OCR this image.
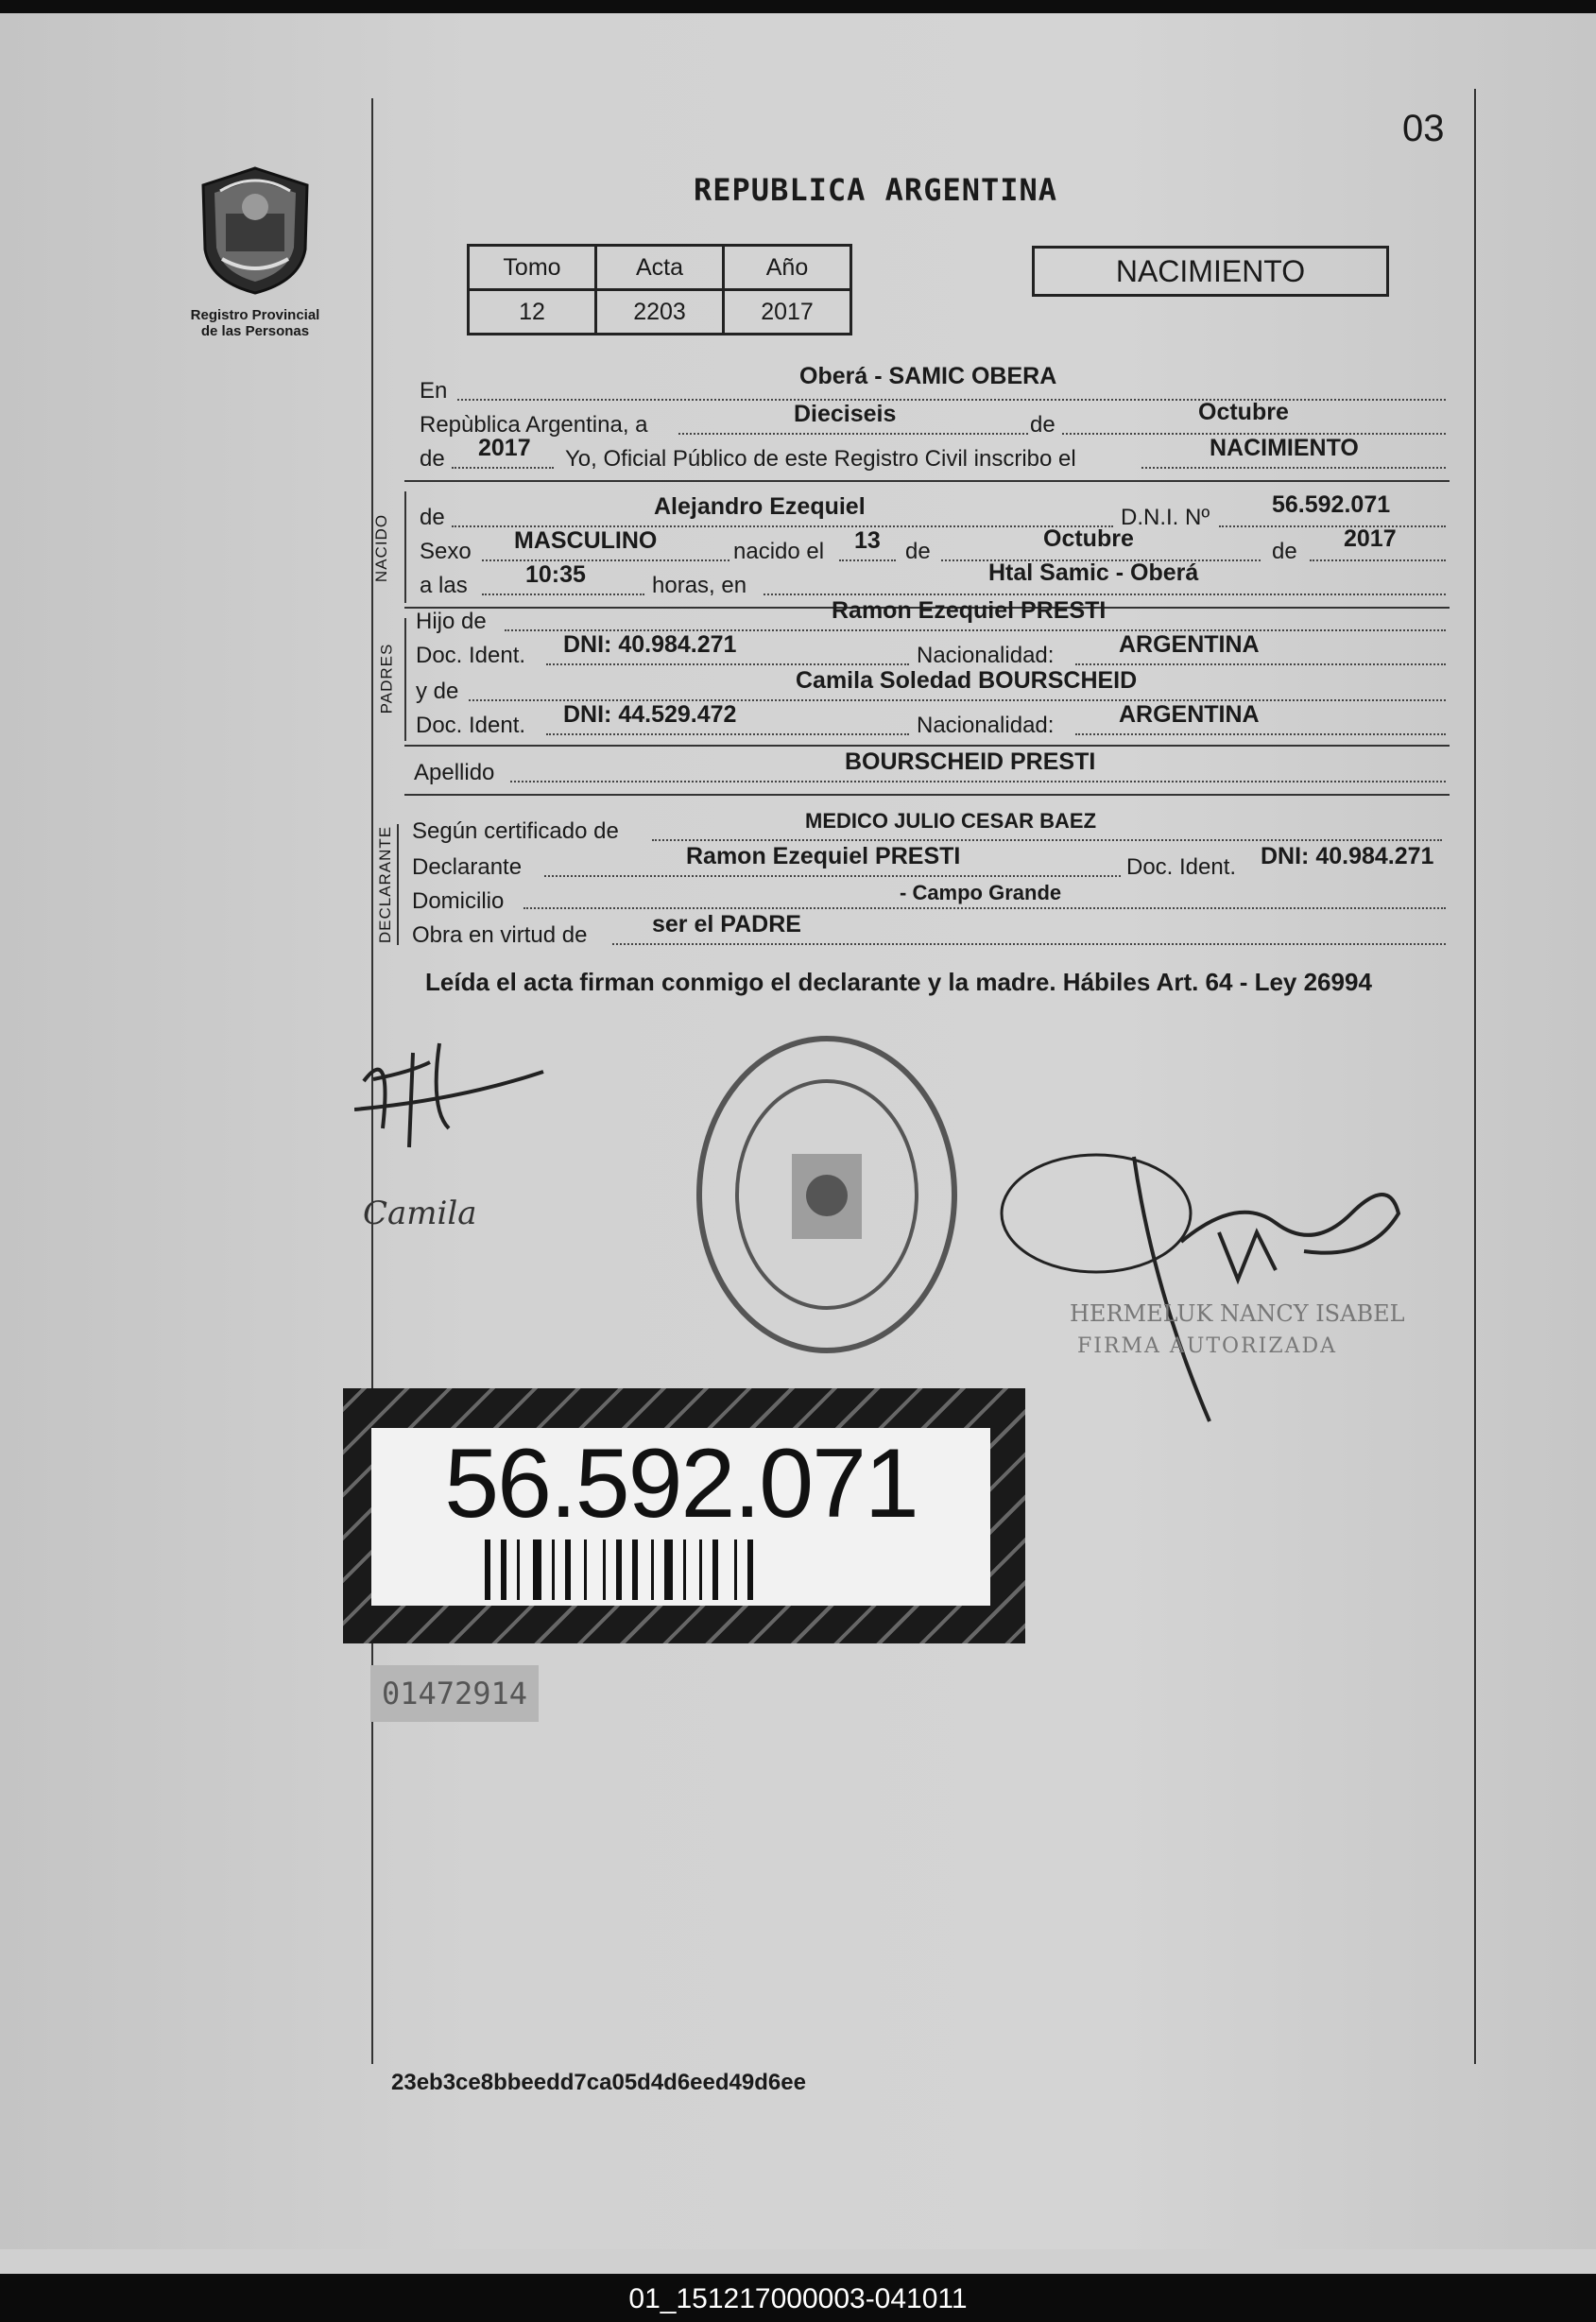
03
Registro Provincial
de las Personas
REPUBLICA ARGENTINA
Tomo	Acta	Año
12	2203	2017
NACIMIENTO
En
Oberá - SAMIC OBERA
Repùblica Argentina, a	Dieciseis	de	Octubre
de 2017 Yo, Oficial Público de este Registro Civil inscribo el	NACIMIENTO
NACIDO de	Alejandro Ezequiel	D.N.I. Nº	56.592.071
Sexo MASCULINO	nacido el 13 de	Octubre	de 2017
a las 10:35	horas, en	Htal Samic - Oberá
PADRES
Hijo de	Ramon Ezequiel PRESTI
Doc. Ident. DNI: 40.984.271	Nacionalidad:	ARGENTINA
y de	Camila Soledad BOURSCHEID
Doc. Ident. DNI: 44.529.472	Nacionalidad:	ARGENTINA
Apellido	BOURSCHEID PRESTI
DECLARANTE Según certificado de	MEDICO JULIO CESAR BAEZ
Declarante	Ramon Ezequiel PRESTI	Doc. Ident. DNI: 40.984.271
Domicilio	- Campo Grande
Obra en virtud de	ser el PADRE
Leída el acta firman conmigo el declarante y la madre. Hábiles Art. 64 - Ley 26994
Camila
HERMELUK NANCY ISABEL
FIRMA AUTORIZADA
56.592.071
01472914
23eb3ce8bbeedd7ca05d4d6eed49d6ee
01_151217000003-041011
